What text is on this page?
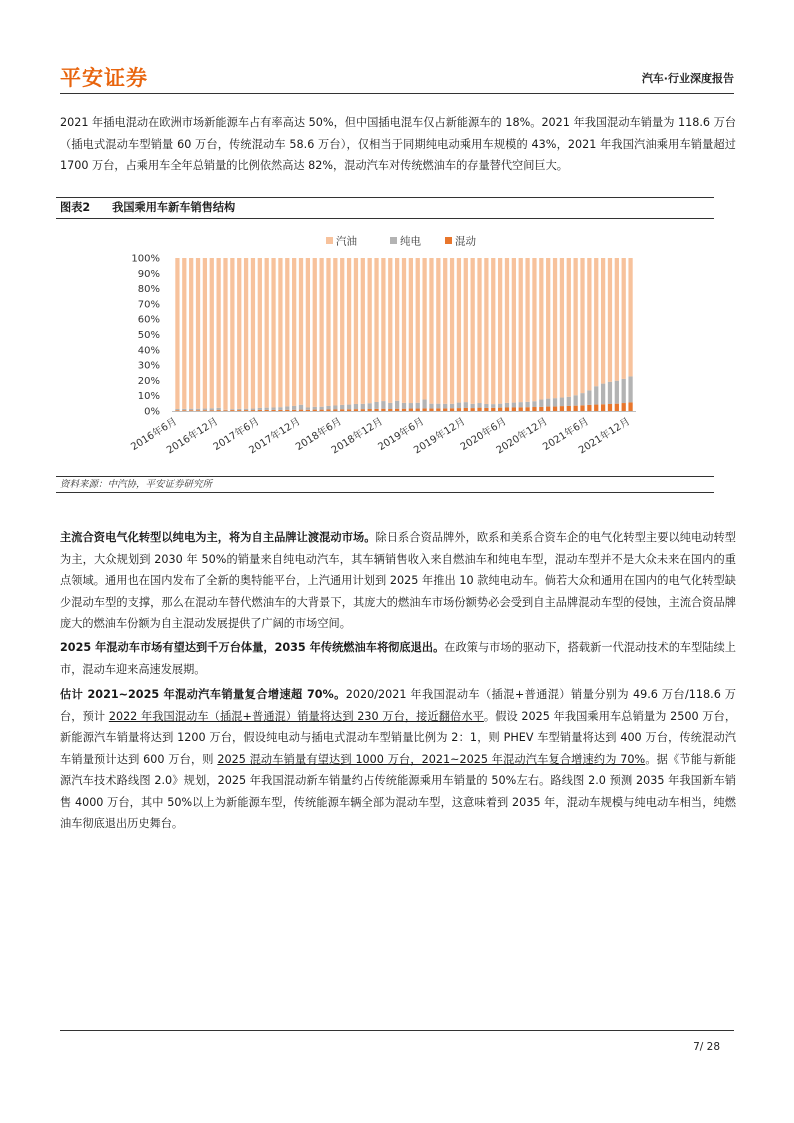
平安证券	汽车·行业深度报告

2021 年插电混动在欧洲市场新能源车占有率高达 50%，但中国插电混车仅占新能源车的 18%。2021 年我国混动车销量为 118.6 万台（插电式混动车型销量 60 万台，传统混动车 58.6 万台），仅相当于同期纯电动乘用车规模的 43%，2021 年我国汽油乘用车销量超过 1700 万台，占乘用车全年总销量的比例依然高达 82%，混动汽车对传统燃油车的存量替代空间巨大。

图表2 我国乘用车新车销售结构
汽油	纯电	混动
0%
10%
20%
30%
40%
50%
60%
70%
80%
90%
100%
2016年6月
2016年12月
2017年6月
2017年12月
2018年6月
2018年12月
2019年6月
2019年12月
2020年6月
2020年12月
2021年6月
2021年12月
资料来源：中汽协，平安证券研究所

主流合资电气化转型以纯电为主，将为自主品牌让渡混动市场。除日系合资品牌外，欧系和美系合资车企的电气化转型主要以纯电动转型为主，大众规划到 2030 年 50%的销量来自纯电动汽车，其车辆销售收入来自燃油车和纯电车型，混动车型并不是大众未来在国内的重点领域。通用也在国内发布了全新的奥特能平台，上汽通用计划到 2025 年推出 10 款纯电动车。倘若大众和通用在国内的电气化转型缺少混动车型的支撑，那么在混动车替代燃油车的大背景下，其庞大的燃油车市场份额势必会受到自主品牌混动车型的侵蚀，主流合资品牌庞大的燃油车份额为自主混动发展提供了广阔的市场空间。

2025 年混动车市场有望达到千万台体量，2035 年传统燃油车将彻底退出。在政策与市场的驱动下，搭载新一代混动技术的车型陆续上市，混动车迎来高速发展期。

估计 2021~2025 年混动汽车销量复合增速超 70%。2020/2021 年我国混动车（插混+普通混）销量分别为 49.6 万台/118.6 万台，预计 2022 年我国混动车（插混+普通混）销量将达到 230 万台，接近翻倍水平。假设 2025 年我国乘用车总销量为 2500 万台，新能源汽车销量将达到 1200 万台，假设纯电动与插电式混动车型销量比例为 2：1，则 PHEV 车型销量将达到 400 万台，传统混动汽车销量预计达到 600 万台，则 2025 混动车销量有望达到 1000 万台，2021~2025 年混动汽车复合增速约为 70%。据《节能与新能源汽车技术路线图 2.0》规划，2025 年我国混动新车销量约占传统能源乘用车销量的 50%左右。路线图 2.0 预测 2035 年我国新车销售 4000 万台，其中 50%以上为新能源车型，传统能源车辆全部为混动车型，这意味着到 2035 年，混动车规模与纯电动车相当，纯燃油车彻底退出历史舞台。

7/ 28
